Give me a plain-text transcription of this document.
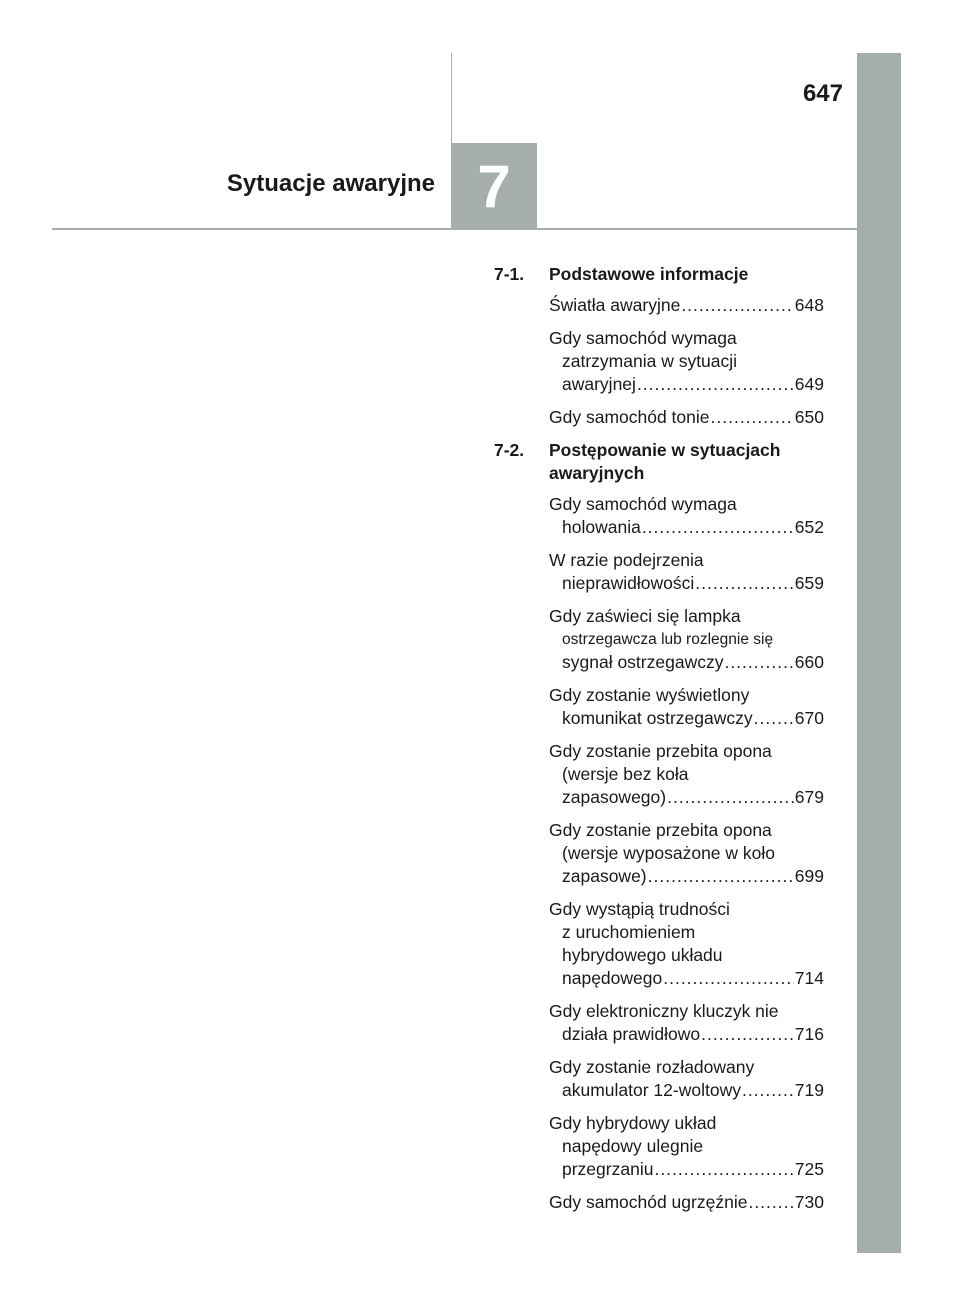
7
647
Sytuacje awaryjne
7-1.	Podstawowe informacje
Światła awaryjne .....	648
Gdy samochód wymaga
zatrzymania w sytuacji
awaryjnej .....	649
Gdy samochód tonie .....	650
7-2.	Postępowanie w sytuacjach
awaryjnych
Gdy samochód wymaga
holowania .....	652
W razie podejrzenia
nieprawidłowości .....	659
Gdy zaświeci się lampka
ostrzegawcza lub rozlegnie się
sygnał ostrzegawczy .....	660
Gdy zostanie wyświetlony
komunikat ostrzegawczy ..... 670
Gdy zostanie przebita opona
(wersje bez koła
zapasowego) .....	679
Gdy zostanie przebita opona
(wersje wyposażone w koło
zapasowe) .....	699
Gdy wystąpią trudności
z uruchomieniem
hybrydowego układu
napędowego .....	714
Gdy elektroniczny kluczyk nie
działa prawidłowo .....	716
Gdy zostanie rozładowany
akumulator 12-woltowy .....	719
Gdy hybrydowy układ
napędowy ulegnie
przegrzaniu .....	725
Gdy samochód ugrzęźnie .....	730
